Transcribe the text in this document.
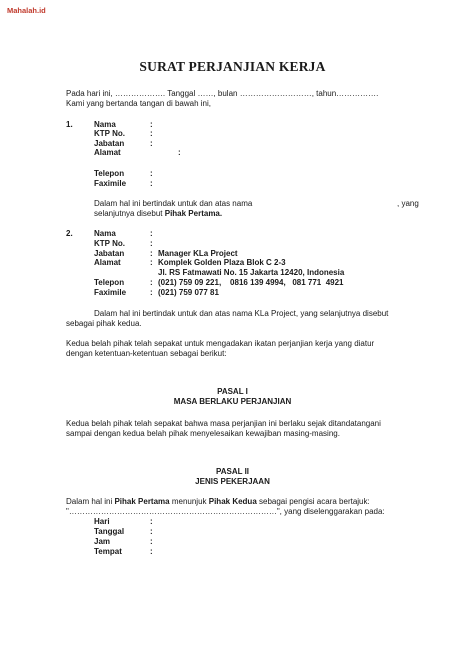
Mahalah.id
SURAT PERJANJIAN KERJA
Pada hari ini, ………………. Tanggal ……, bulan ………………………, tahun…………….
Kami yang bertanda tangan di bawah ini,
1.	Nama	:
KTP No.	:
Jabatan	:
Alamat	:
Telepon	:
Faximile	:
Dalam hal ini bertindak untuk dan atas nama	, yang
selanjutnya disebut Pihak Pertama.
2.	Nama	:
KTP No.	:
Jabatan	: Manager KLa Project
Alamat	: Komplek Golden Plaza Blok C 2-3
Jl. RS Fatmawati No. 15 Jakarta 12420, Indonesia
Telepon	: (021) 759 09 221,    0816 139 4994,   081 771  4921
Faximile	: (021) 759 077 81
Dalam hal ini bertindak untuk dan atas nama KLa Project, yang selanjutnya disebut
sebagai pihak kedua.
Kedua belah pihak telah sepakat untuk mengadakan ikatan perjanjian kerja yang diatur
dengan ketentuan-ketentuan sebagai berikut:
PASAL I
MASA BERLAKU PERJANJIAN
Kedua belah pihak telah sepakat bahwa masa perjanjian ini berlaku sejak ditandatangani
sampai dengan kedua belah pihak menyelesaikan kewajiban masing-masing.
PASAL II
JENIS PEKERJAAN
Dalam hal ini Pihak Pertama menunjuk Pihak Kedua sebagai pengisi acara bertajuk:
"……………………………………………………………………", yang diselenggarakan pada:
Hari	:
Tanggal	:
Jam	:
Tempat	:
